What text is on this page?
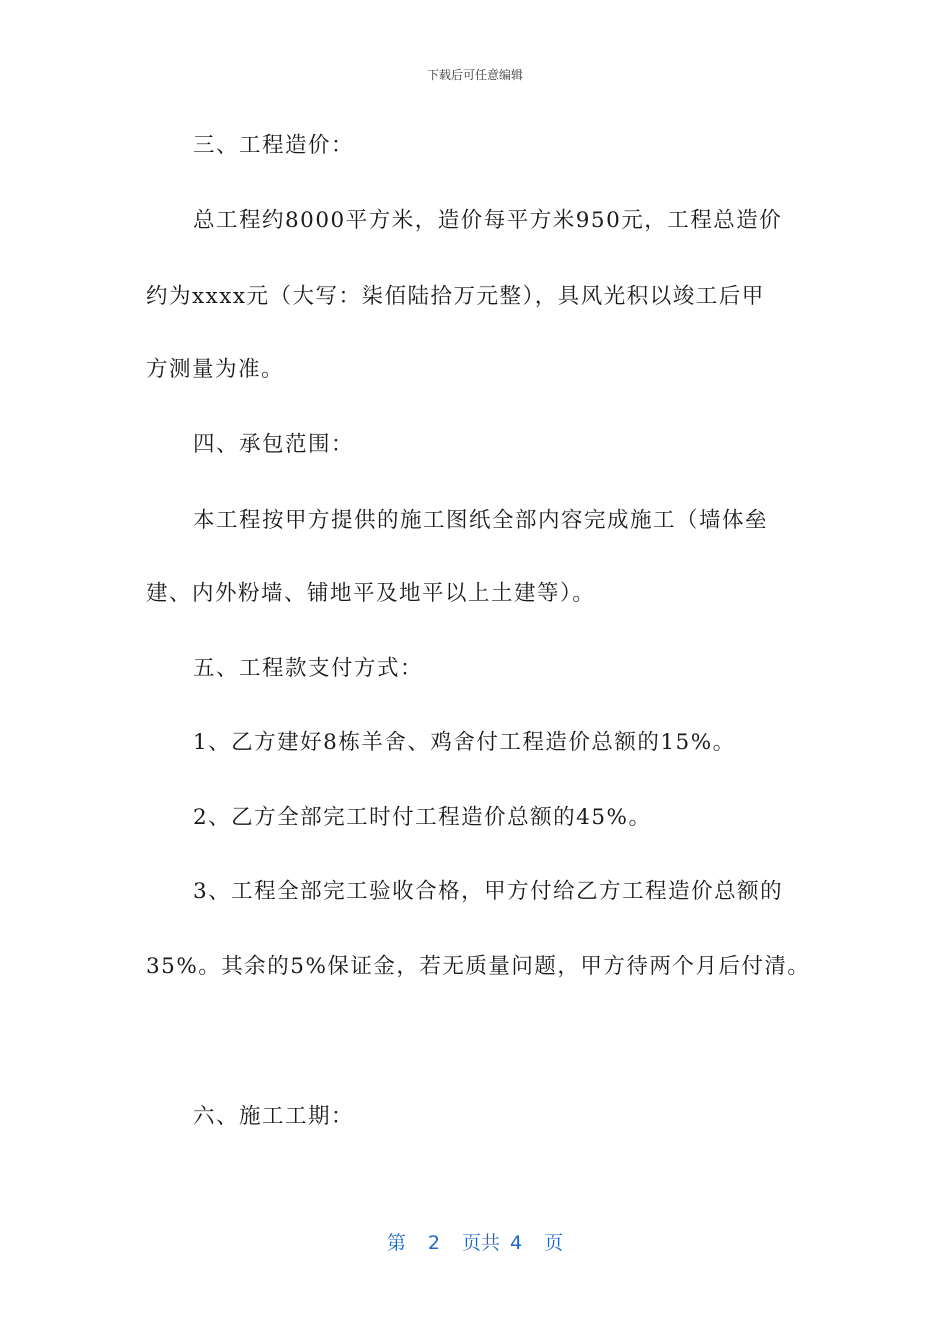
下载后可任意编辑
三、工程造价：
总工程约8000平方米，造价每平方米950元，工程总造价
约为xxxx元（大写：柒佰陆拾万元整），具风光积以竣工后甲
方测量为准。
四、承包范围：
本工程按甲方提供的施工图纸全部内容完成施工（墙体垒
建、内外粉墙、铺地平及地平以上土建等）。
五、工程款支付方式：
1、乙方建好8栋羊舍、鸡舍付工程造价总额的15%。
2、乙方全部完工时付工程造价总额的45%。
3、工程全部完工验收合格，甲方付给乙方工程造价总额的
35%。其余的5%保证金，若无质量问题，甲方待两个月后付清。
六、施工工期：
第 2 页共 4 页
